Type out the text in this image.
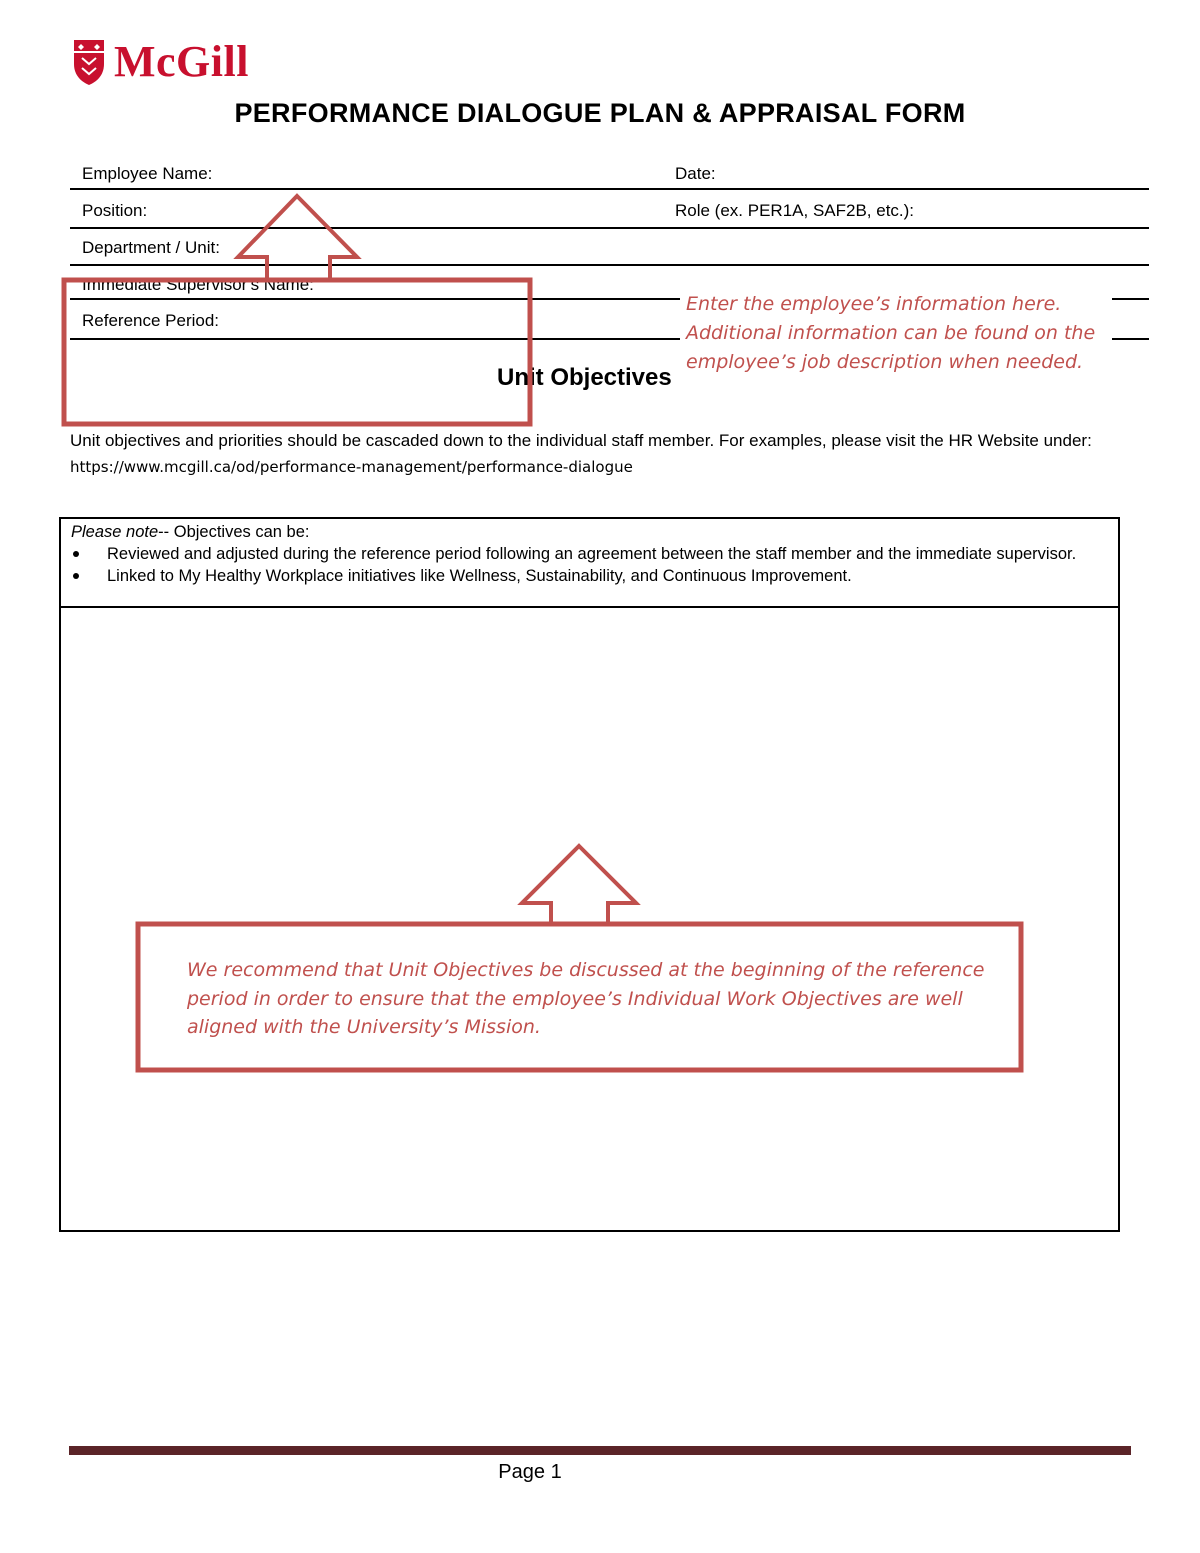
McGill
PERFORMANCE DIALOGUE PLAN & APPRAISAL FORM
Employee Name:	Date:
Position:	Role (ex. PER1A, SAF2B, etc.):
Department / Unit:
Immediate Supervisor's Name:
Reference Period:
Unit Objectives
Unit objectives and priorities should be cascaded down to the individual staff member. For examples, please visit the HR Website under: https://www.mcgill.ca/od/performance-management/performance-dialogue
Please note-- Objectives can be:
Reviewed and adjusted during the reference period following an agreement between the staff member and the immediate supervisor.
Linked to My Healthy Workplace initiatives like Wellness, Sustainability, and Continuous Improvement.
Enter the employee’s information here. Additional information can be found on the employee’s job description when needed.
We recommend that Unit Objectives be discussed at the beginning of the reference period in order to ensure that the employee’s Individual Work Objectives are well aligned with the University’s Mission.
Page 1
